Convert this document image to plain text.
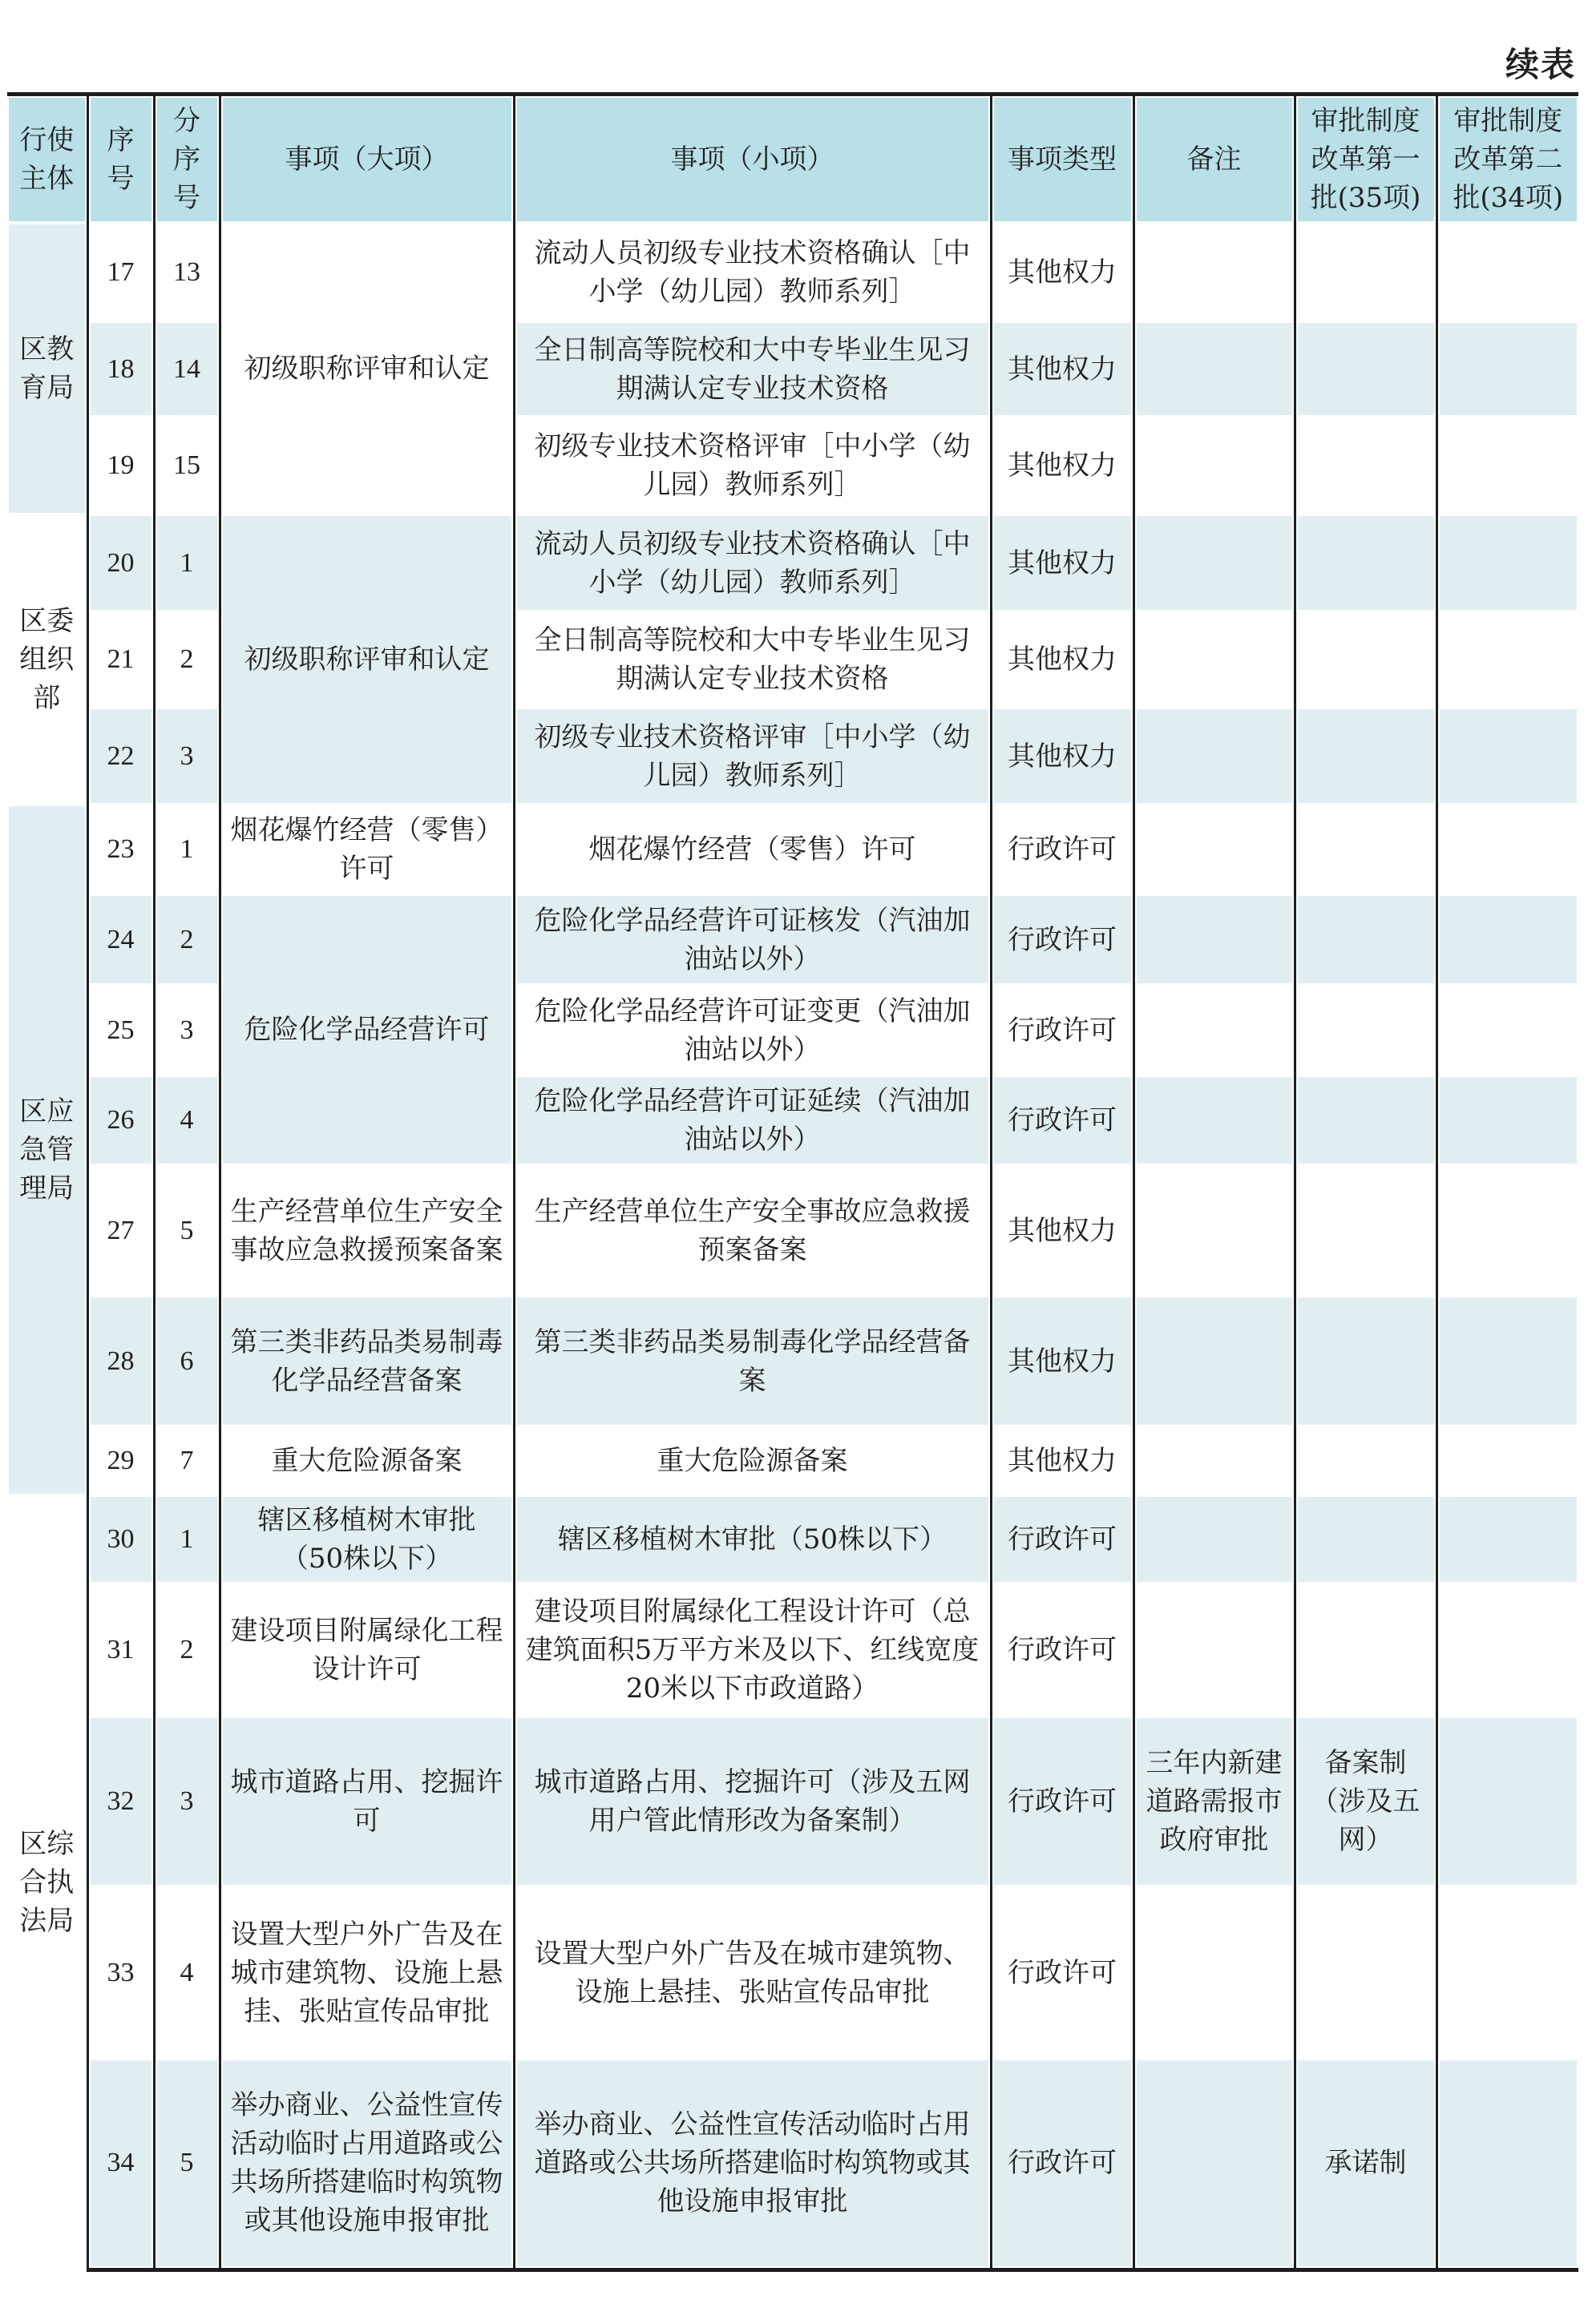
续表
行使主体	序号	分序号	事项（大项）	事项（小项）	事项类型	备注	审批制度改革第一批(35项)	审批制度改革第二批(34项)
区教育局	17	13	初级职称评审和认定	流动人员初级专业技术资格确认［中小学（幼儿园）教师系列］	其他权力			
	18	14		全日制高等院校和大中专毕业生见习期满认定专业技术资格	其他权力			
	19	15		初级专业技术资格评审［中小学（幼儿园）教师系列］	其他权力			
区委组织部	20	1	初级职称评审和认定	流动人员初级专业技术资格确认［中小学（幼儿园）教师系列］	其他权力			
	21	2		全日制高等院校和大中专毕业生见习期满认定专业技术资格	其他权力			
	22	3		初级专业技术资格评审［中小学（幼儿园）教师系列］	其他权力			
区应急管理局	23	1	烟花爆竹经营（零售）许可	烟花爆竹经营（零售）许可	行政许可			
	24	2	危险化学品经营许可	危险化学品经营许可证核发（汽油加油站以外）	行政许可			
	25	3		危险化学品经营许可证变更（汽油加油站以外）	行政许可			
	26	4		危险化学品经营许可证延续（汽油加油站以外）	行政许可			
	27	5	生产经营单位生产安全事故应急救援预案备案	生产经营单位生产安全事故应急救援预案备案	其他权力			
	28	6	第三类非药品类易制毒化学品经营备案	第三类非药品类易制毒化学品经营备案	其他权力			
	29	7	重大危险源备案	重大危险源备案	其他权力			
区综合执法局	30	1	辖区移植树木审批（50株以下）	辖区移植树木审批（50株以下）	行政许可			
	31	2	建设项目附属绿化工程设计许可	建设项目附属绿化工程设计许可（总建筑面积5万平方米及以下、红线宽度20米以下市政道路）	行政许可			
	32	3	城市道路占用、挖掘许可	城市道路占用、挖掘许可（涉及五网用户管此情形改为备案制）	行政许可	三年内新建道路需报市政府审批	备案制（涉及五网）	
	33	4	设置大型户外广告及在城市建筑物、设施上悬挂、张贴宣传品审批	设置大型户外广告及在城市建筑物、设施上悬挂、张贴宣传品审批	行政许可			
	34	5	举办商业、公益性宣传活动临时占用道路或公共场所搭建临时构筑物或其他设施申报审批	举办商业、公益性宣传活动临时占用道路或公共场所搭建临时构筑物或其他设施申报审批	行政许可		承诺制	
